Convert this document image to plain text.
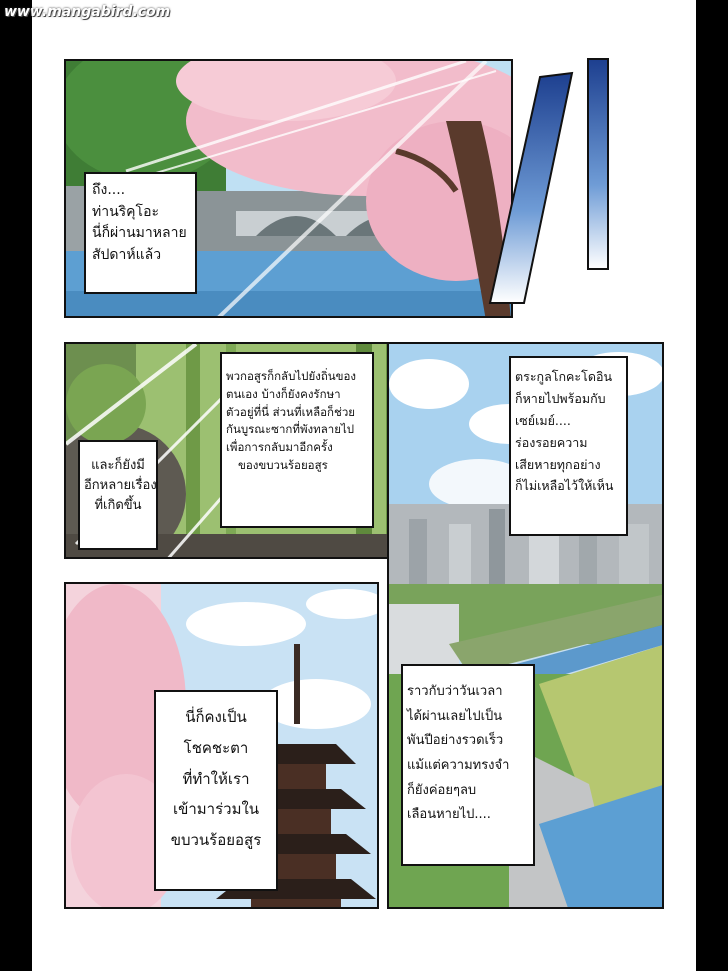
ถึง....
ท่านริคุโอะ
นี่ก็ผ่านมาหลาย
สัปดาห์แล้ว
และก็ยังมี
อีกหลายเรื่อง
ที่เกิดขึ้น
พวกอสูรก็กลับไปยังถิ่นของ
ตนเอง บ้างก็ยังคงรักษา
ตัวอยู่ที่นี่ ส่วนที่เหลือก็ช่วย
กันบูรณะซากที่พังทลายไป
เพื่อการกลับมาอีกครั้ง
ของขบวนร้อยอสูร
ตระกูลโกคะโดอิน
ก็หายไปพร้อมกับ
เซย์เมย์....
ร่องรอยความ
เสียหายทุกอย่าง
ก็ไม่เหลือไว้ให้เห็น
ราวกับว่าวันเวลา
ได้ผ่านเลยไปเป็น
พันปีอย่างรวดเร็ว
แม้แต่ความทรงจำ
ก็ยังค่อยๆลบ
เลือนหายไป....
นี่ก็คงเป็น
โชคชะตา
ที่ทำให้เรา
เข้ามาร่วมใน
ขบวนร้อยอสูร
www.mangabird.com
